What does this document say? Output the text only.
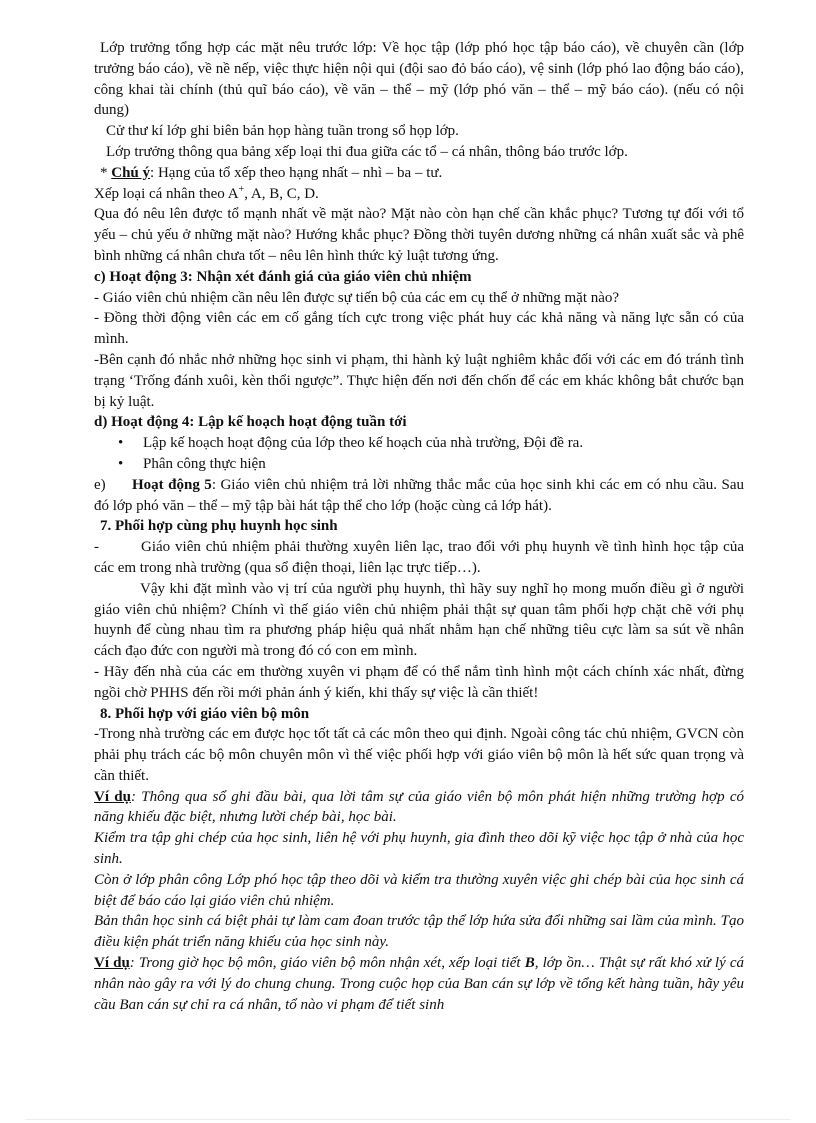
Lớp trưởng tổng hợp các mặt nêu trước lớp: Về học tập (lớp phó học tập báo cáo), về chuyên cần (lớp trưởng báo cáo), về nề nếp, việc thực hiện nội qui (đội sao đỏ báo cáo), vệ sinh (lớp phó lao động báo cáo), công khai tài chính (thủ quĩ báo cáo), về văn – thể – mỹ (lớp phó văn – thể – mỹ báo cáo). (nếu có nội dung)

Cử thư kí lớp ghi biên bản họp hàng tuần trong sổ họp lớp.

Lớp trưởng thông qua bảng xếp loại thi đua giữa các tổ – cá nhân, thông báo trước lớp.

* Chú ý: Hạng của tổ xếp theo hạng nhất – nhì – ba – tư.

Xếp loại cá nhân theo A+, A, B, C, D.

Qua đó nêu lên được tổ mạnh nhất về mặt nào? Mặt nào còn hạn chế cần khắc phục? Tương tự đối với tổ yếu – chủ yếu ở những mặt nào? Hướng khắc phục? Đồng thời tuyên dương những cá nhân xuất sắc và phê bình những cá nhân chưa tốt – nêu lên hình thức kỷ luật tương ứng.

c) Hoạt động 3: Nhận xét đánh giá của giáo viên chủ nhiệm

- Giáo viên chủ nhiệm cần nêu lên được sự tiến bộ của các em cụ thể ở những mặt nào?

- Đồng thời động viên các em cố gắng tích cực trong việc phát huy các khả năng và năng lực sẵn có của mình.

-Bên cạnh đó nhắc nhở những học sinh vi phạm, thi hành kỷ luật nghiêm khắc đối với các em đó tránh tình trạng ‘Trống đánh xuôi, kèn thổi ngược”. Thực hiện đến nơi đến chốn để các em khác không bắt chước bạn bị kỷ luật.

d) Hoạt động 4: Lập kế hoạch hoạt động tuần tới

• Lập kế hoạch hoạt động của lớp theo kế hoạch của nhà trường, Đội đề ra.
• Phân công thực hiện

e) Hoạt động 5: Giáo viên chủ nhiệm trả lời những thắc mắc của học sinh khi các em có nhu cầu. Sau đó lớp phó văn – thể – mỹ tập bài hát tập thể cho lớp (hoặc cùng cả lớp hát).

7. Phối hợp cùng phụ huynh học sinh

-	Giáo viên chủ nhiệm phải thường xuyên liên lạc, trao đổi với phụ huynh về tình hình học tập của các em trong nhà trường (qua sổ điện thoại, liên lạc trực tiếp…).

Vậy khi đặt mình vào vị trí của người phụ huynh, thì hãy suy nghĩ họ mong muốn điều gì ở người giáo viên chủ nhiệm? Chính vì thế giáo viên chủ nhiệm phải thật sự quan tâm phối hợp chặt chẽ với phụ huynh để cùng nhau tìm ra phương pháp hiệu quả nhất nhằm hạn chế những tiêu cực làm sa sút về nhân cách đạo đức con người mà trong đó có con em mình.

- Hãy đến nhà của các em thường xuyên vi phạm để có thể nắm tình hình một cách chính xác nhất, đừng ngồi chờ PHHS đến rồi mới phản ánh ý kiến, khi thấy sự việc là cần thiết!

8. Phối hợp với giáo viên bộ môn

-Trong nhà trường các em được học tốt tất cả các môn theo qui định. Ngoài công tác chủ nhiệm, GVCN còn phải phụ trách các bộ môn chuyên môn vì thế việc phối hợp với giáo viên bộ môn là hết sức quan trọng và cần thiết.

Ví dụ: Thông qua sổ ghi đầu bài, qua lời tâm sự của giáo viên bộ môn phát hiện những trường hợp có năng khiếu đặc biệt, nhưng lười chép bài, học bài.

Kiểm tra tập ghi chép của học sinh, liên hệ với phụ huynh, gia đình theo dõi kỹ việc học tập ở nhà của học sinh.

Còn ở lớp phân công Lớp phó học tập theo dõi và kiểm tra thường xuyên việc ghi chép bài của học sinh cá biệt để báo cáo lại giáo viên chủ nhiệm.

Bản thân học sinh cá biệt phải tự làm cam đoan trước tập thể lớp hứa sửa đổi những sai lầm của mình. Tạo điều kiện phát triển năng khiếu của học sinh này.

Ví dụ: Trong giờ học bộ môn, giáo viên bộ môn nhận xét, xếp loại tiết B, lớp ồn… Thật sự rất khó xử lý cá nhân nào gây ra với lý do chung chung. Trong cuộc họp của Ban cán sự lớp về tổng kết hàng tuần, hãy yêu cầu Ban cán sự chỉ ra cá nhân, tổ nào vi phạm để tiết sinh
